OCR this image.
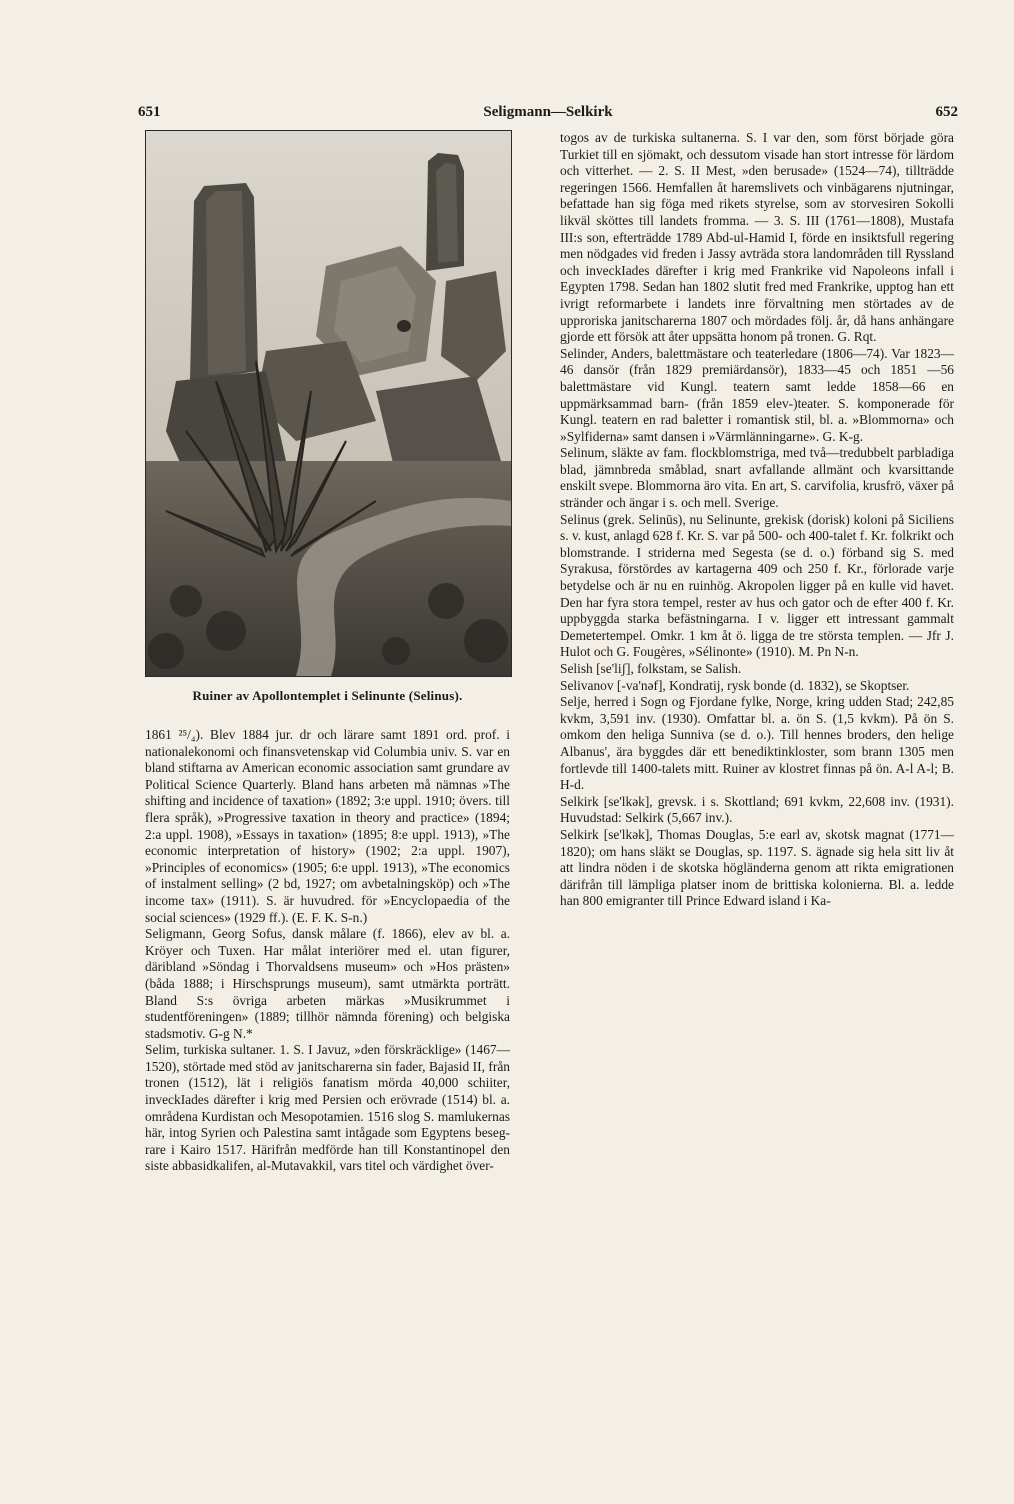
651	Seligmann—Selkirk	652
Ruiner av Apollontemplet i Selinunte (Selinus).

1861 ²⁵/₄). Blev 1884 jur. dr och lärare samt 1891 ord. prof. i nationalekonomi och finansvetenskap vid Columbia univ. S. var en bland stiftarna av American economic association samt grundare av Political Science Quarterly. Bland hans arbeten må nämnas »The shifting and incidence of taxation» (1892; 3:e uppl. 1910; övers. till flera språk), »Progressive taxation in theory and practice» (1894; 2:a uppl. 1908), »Essays in taxation» (1895; 8:e uppl. 1913), »The economic interpretation of history» (1902; 2:a uppl. 1907), »Principles of economics» (1905; 6:e uppl. 1913), »The economics of instalment selling» (2 bd, 1927; om avbetalningsköp) och »The income tax» (1911). S. är huvudred. för »Encyclopaedia of the social sciences» (1929 ff.). (E. F. K. S-n.)

Seligmann, Georg Sofus, dansk målare (f. 1866), elev av bl. a. Kröyer och Tuxen. Har målat interiörer med el. utan figurer, däribland »Söndag i Thorvaldsens museum» och »Hos prästen» (båda 1888; i Hirschsprungs museum), samt utmärkta porträtt. Bland S:s övriga arbeten märkas »Musikrummet i studentföreningen» (1889; tillhör nämnda förening) och belgiska stadsmotiv. G-g N.*

Selim, turkiska sultaner. 1. S. I Javuz, »den förskräcklige» (1467—1520), störtade med stöd av janitscharerna sin fader, Bajasid II, från tronen (1512), lät i religiös fanatism mörda 40,000 schiiter, inveckIades därefter i krig med Persien och erövrade (1514) bl. a. områdena Kurdistan och Mesopotamien. 1516 slog S. mamlukernas här, intog Syrien och Palestina samt intågade som Egyptens beseg- rare i Kairo 1517. Härifrån medförde han till Konstantinopel den siste abbasidkalifen, al-Mutavakkil, vars titel och värdighet över-

togos av de turkiska sultanerna. S. I var den, som först började göra Turkiet till en sjömakt, och dessutom visade han stort intresse för lärdom och vitterhet. — 2. S. II Mest, »den berusade» (1524—74), tillträdde regeringen 1566. Hemfallen åt haremslivets och vinbägarens njutningar, befattade han sig föga med rikets styrelse, som av storvesiren Sokolli likväl sköttes till landets fromma. — 3. S. III (1761—1808), Mustafa III:s son, efterträdde 1789 Abd-ul-Hamid I, förde en insiktsfull regering men nödgades vid freden i Jassy avträda stora landområden till Ryssland och inveckIades därefter i krig med Frankrike vid Napoleons infall i Egypten 1798. Sedan han 1802 slutit fred med Frankrike, upptog han ett ivrigt reformarbete i landets inre förvaltning men störtades av de upproriska janitscharerna 1807 och mördades följ. år, då hans anhängare gjorde ett försök att åter uppsätta honom på tronen. G. Rqt.

Selinder, Anders, balettmästare och teaterledare (1806—74). Var 1823—46 dansör (från 1829 premiärdansör), 1833—45 och 1851 —56 balettmästare vid Kungl. teatern samt ledde 1858—66 en uppmärksammad barn- (från 1859 elev-)teater. S. komponerade för Kungl. teatern en rad baletter i romantisk stil, bl. a. »Blommorna» och »Sylfiderna» samt dansen i »Värmlänningarne». G. K-g.

Selinum, släkte av fam. flockblomstriga, med två—tredubbelt parbladiga blad, jämnbreda småblad, snart avfallande allmänt och kvarsittande enskilt svepe. Blommorna äro vita. En art, S. carvifolia, krusfrö, växer på stränder och ängar i s. och mell. Sverige.

Selinus (grek. Selinūs), nu Selinunte, grekisk (dorisk) koloni på Siciliens s. v. kust, anlagd 628 f. Kr. S. var på 500- och 400-talet f. Kr. folkrikt och blomstrande. I striderna med Segesta (se d. o.) förband sig S. med Syrakusa, förstördes av kartagerna 409 och 250 f. Kr., förlorade varje betydelse och är nu en ruinhög. Akropolen ligger på en kulle vid havet. Den har fyra stora tempel, rester av hus och gator och de efter 400 f. Kr. uppbyggda starka befästningarna. I v. ligger ett intressant gammalt Demetertempel. Omkr. 1 km åt ö. ligga de tre största templen. — Jfr J. Hulot och G. Fougères, »Sélinonte» (1910). M. Pn N-n.

Selish [se'liʃ], folkstam, se Salish.

Selivanov [-va'nəf], Kondratij, rysk bonde (d. 1832), se Skoptser.

Selje, herred i Sogn og Fjordane fylke, Norge, kring udden Stad; 242,85 kvkm, 3,591 inv. (1930). Omfattar bl. a. ön S. (1,5 kvkm). På ön S. omkom den heliga Sunniva (se d. o.). Till hennes broders, den helige Albanus', ära byggdes där ett benediktinkloster, som brann 1305 men fortlevde till 1400-talets mitt. Ruiner av klostret finnas på ön. A-l A-l; B. H-d.

Selkirk [se'lkək], grevsk. i s. Skottland; 691 kvkm, 22,608 inv. (1931). Huvudstad: Selkirk (5,667 inv.).

Selkirk [se'lkək], Thomas Douglas, 5:e earl av, skotsk magnat (1771—1820); om hans släkt se Douglas, sp. 1197. S. ägnade sig hela sitt liv åt att lindra nöden i de skotska högländerna genom att rikta emigrationen därifrån till lämpliga platser inom de brittiska kolonierna. Bl. a. ledde han 800 emigranter till Prince Edward island i Ka-
